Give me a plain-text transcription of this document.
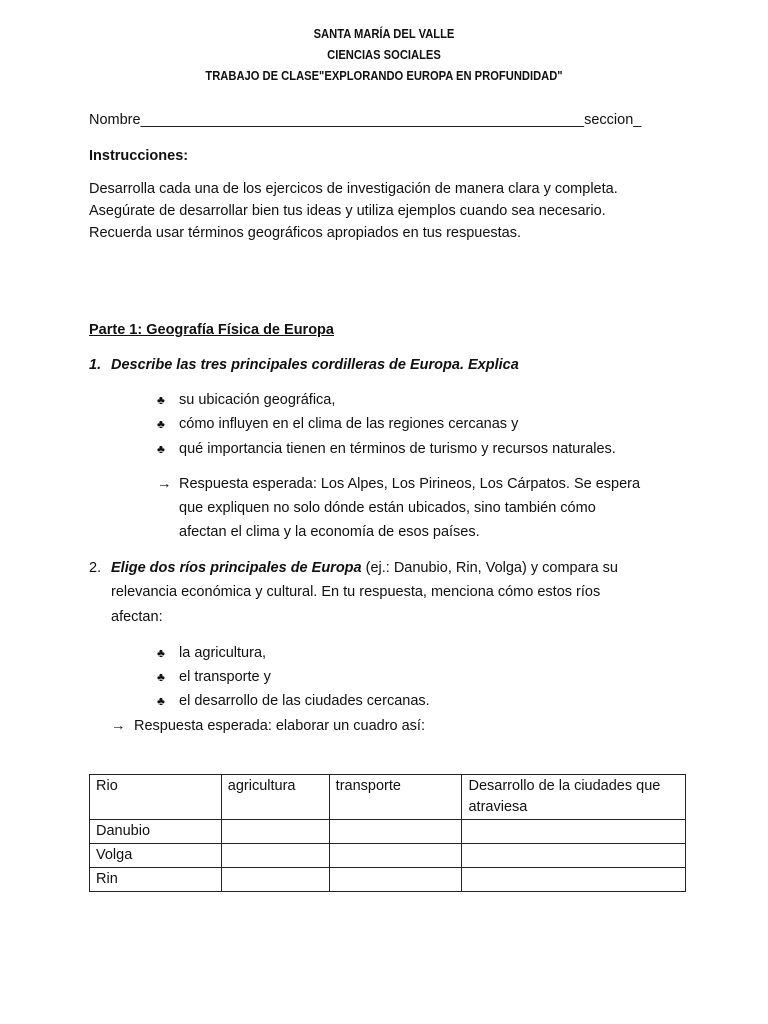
SANTA MARÍA DEL VALLE
CIENCIAS SOCIALES
TRABAJO DE CLASE"EXPLORANDO EUROPA EN PROFUNDIDAD"
Nombre_______________________________________________________seccion_
Instrucciones:
Desarrolla cada una de los ejercicos de investigación de manera clara y completa.
Asegúrate de desarrollar bien tus ideas y utiliza ejemplos cuando sea necesario.
Recuerda usar términos geográficos apropiados en tus respuestas.
Parte 1: Geografía Física de Europa
1. Describe las tres principales cordilleras de Europa. Explica
♣ su ubicación geográfica,
♣ cómo influyen en el clima de las regiones cercanas y
♣ qué importancia tienen en términos de turismo y recursos naturales.
→ Respuesta esperada: Los Alpes, Los Pirineos, Los Cárpatos. Se espera
que expliquen no solo dónde están ubicados, sino también cómo
afectan el clima y la economía de esos países.
2. Elige dos ríos principales de Europa (ej.: Danubio, Rin, Volga) y compara su
relevancia económica y cultural. En tu respuesta, menciona cómo estos ríos
afectan:
♣ la agricultura,
♣ el transporte y
♣ el desarrollo de las ciudades cercanas.
→ Respuesta esperada: elaborar un cuadro así:
Rio	agricultura	transporte	Desarrollo de la ciudades que atraviesa
Danubio			
Volga			
Rin			
